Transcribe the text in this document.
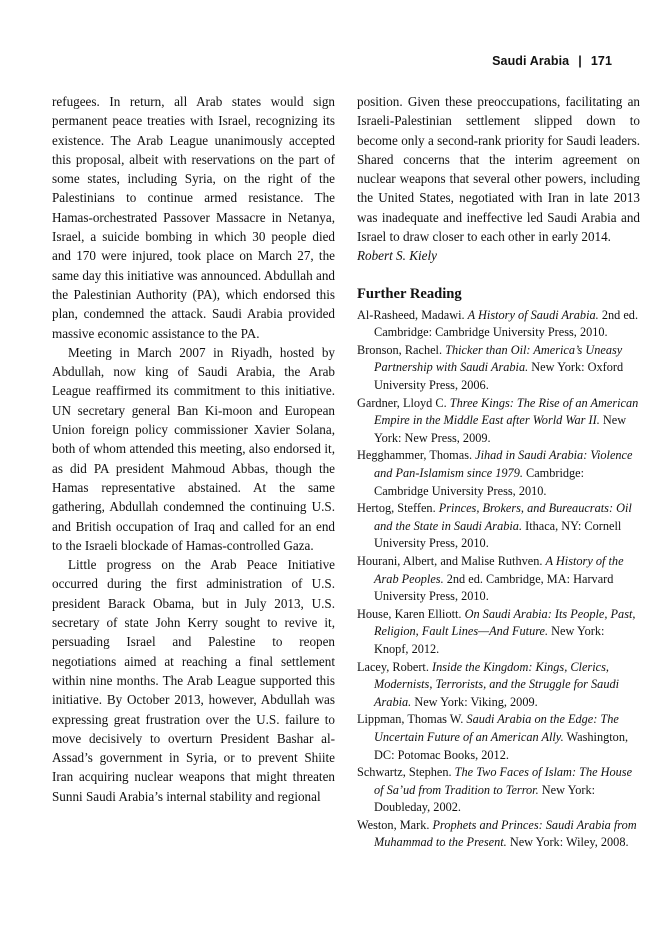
Saudi Arabia | 171

refugees. In return, all Arab states would sign permanent peace treaties with Israel, recognizing its existence. The Arab League unanimously accepted this proposal, albeit with reservations on the part of some states, including Syria, on the right of the Palestinians to continue armed resistance. The Hamas-orchestrated Passover Massacre in Netanya, Israel, a suicide bombing in which 30 people died and 170 were injured, took place on March 27, the same day this initiative was announced. Abdullah and the Palestinian Authority (PA), which endorsed this plan, condemned the attack. Saudi Arabia provided massive economic assistance to the PA.

Meeting in March 2007 in Riyadh, hosted by Abdullah, now king of Saudi Arabia, the Arab League reaffirmed its commitment to this initiative. UN secretary general Ban Ki-moon and European Union foreign policy commissioner Xavier Solana, both of whom attended this meeting, also endorsed it, as did PA president Mahmoud Abbas, though the Hamas representative abstained. At the same gathering, Abdullah condemned the continuing U.S. and British occupation of Iraq and called for an end to the Israeli blockade of Hamas-controlled Gaza.

Little progress on the Arab Peace Initiative occurred during the first administration of U.S. president Barack Obama, but in July 2013, U.S. secretary of state John Kerry sought to revive it, persuading Israel and Palestine to reopen negotiations aimed at reaching a final settlement within nine months. The Arab League supported this initiative. By October 2013, however, Abdullah was expressing great frustration over the U.S. failure to move decisively to overturn President Bashar al-Assad’s government in Syria, or to prevent Shiite Iran acquiring nuclear weapons that might threaten Sunni Saudi Arabia’s internal stability and regional

position. Given these preoccupations, facilitating an Israeli-Palestinian settlement slipped down to become only a second-rank priority for Saudi leaders. Shared concerns that the interim agreement on nuclear weapons that several other powers, including the United States, negotiated with Iran in late 2013 was inadequate and ineffective led Saudi Arabia and Israel to draw closer to each other in early 2014.

Robert S. Kiely

Further Reading
Al-Rasheed, Madawi. A History of Saudi Arabia. 2nd ed. Cambridge: Cambridge University Press, 2010.
Bronson, Rachel. Thicker than Oil: America’s Uneasy Partnership with Saudi Arabia. New York: Oxford University Press, 2006.
Gardner, Lloyd C. Three Kings: The Rise of an American Empire in the Middle East after World War II. New York: New Press, 2009.
Hegghammer, Thomas. Jihad in Saudi Arabia: Violence and Pan-Islamism since 1979. Cambridge: Cambridge University Press, 2010.
Hertog, Steffen. Princes, Brokers, and Bureaucrats: Oil and the State in Saudi Arabia. Ithaca, NY: Cornell University Press, 2010.
Hourani, Albert, and Malise Ruthven. A History of the Arab Peoples. 2nd ed. Cambridge, MA: Harvard University Press, 2010.
House, Karen Elliott. On Saudi Arabia: Its People, Past, Religion, Fault Lines—And Future. New York: Knopf, 2012.
Lacey, Robert. Inside the Kingdom: Kings, Clerics, Modernists, Terrorists, and the Struggle for Saudi Arabia. New York: Viking, 2009.
Lippman, Thomas W. Saudi Arabia on the Edge: The Uncertain Future of an American Ally. Washington, DC: Potomac Books, 2012.
Schwartz, Stephen. The Two Faces of Islam: The House of Sa’ud from Tradition to Terror. New York: Doubleday, 2002.
Weston, Mark. Prophets and Princes: Saudi Arabia from Muhammad to the Present. New York: Wiley, 2008.
